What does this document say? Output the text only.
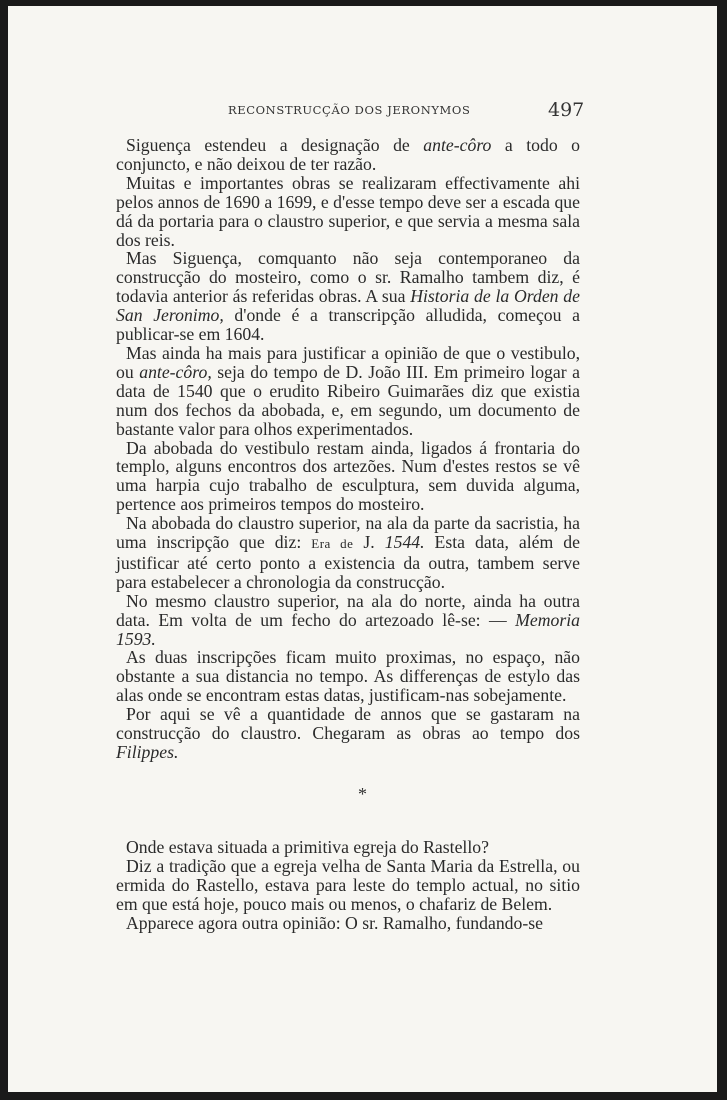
RECONSTRUCÇÃO DOS JERONYMOS	497

Siguença estendeu a designação de ante-côro a todo o conjuncto, e não deixou de ter razão.

Muitas e importantes obras se realizaram effectivamente ahi pelos annos de 1690 a 1699, e d'esse tempo deve ser a escada que dá da portaria para o claustro superior, e que servia a mesma sala dos reis.

Mas Siguença, comquanto não seja contemporaneo da construcção do mosteiro, como o sr. Ramalho tambem diz, é todavia anterior ás referidas obras. A sua Historia de la Orden de San Jeronimo, d'onde é a transcripção alludida, começou a publicar-se em 1604.

Mas ainda ha mais para justificar a opinião de que o vestibulo, ou ante-côro, seja do tempo de D. João III. Em primeiro logar a data de 1540 que o erudito Ribeiro Guimarães diz que existia num dos fechos da abobada, e, em segundo, um documento de bastante valor para olhos experimentados.

Da abobada do vestibulo restam ainda, ligados á frontaria do templo, alguns encontros dos artezões. Num d'estes restos se vê uma harpia cujo trabalho de esculptura, sem duvida alguma, pertence aos primeiros tempos do mosteiro.

Na abobada do claustro superior, na ala da parte da sacristia, ha uma inscripção que diz: Era de J. 1544. Esta data, além de justificar até certo ponto a existencia da outra, tambem serve para estabelecer a chronologia da construcção.

No mesmo claustro superior, na ala do norte, ainda ha outra data. Em volta de um fecho do artezoado lê-se: — Memoria 1593.

As duas inscripções ficam muito proximas, no espaço, não obstante a sua distancia no tempo. As differenças de estylo das alas onde se encontram estas datas, justificam-nas sobejamente.

Por aqui se vê a quantidade de annos que se gastaram na construcção do claustro. Chegaram as obras ao tempo dos Filippes.

*

Onde estava situada a primitiva egreja do Rastello?

Diz a tradição que a egreja velha de Santa Maria da Estrella, ou ermida do Rastello, estava para leste do templo actual, no sitio em que está hoje, pouco mais ou menos, o chafariz de Belem.

Apparece agora outra opinião: O sr. Ramalho, fundando-se
